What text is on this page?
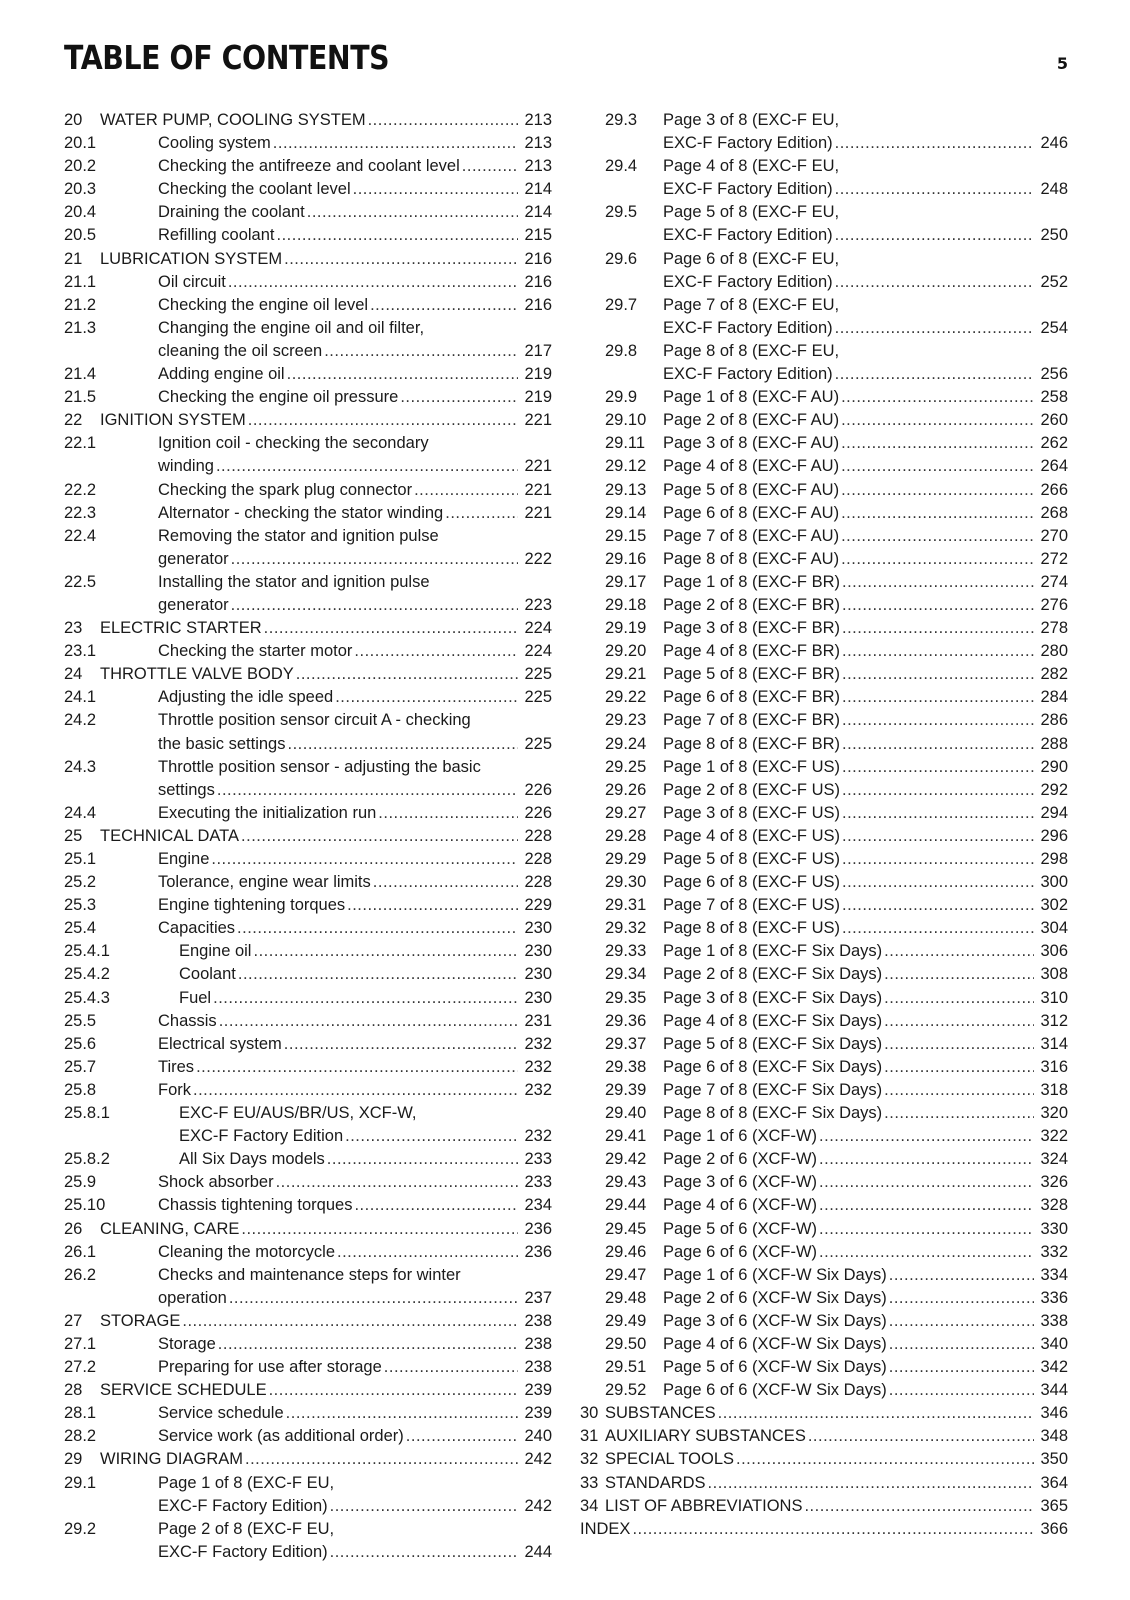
TABLE OF CONTENTS	5
20 WATER PUMP, COOLING SYSTEM .....	213
20.1	Cooling system .....	213
20.2	Checking the antifreeze and coolant level .....	213
20.3	Checking the coolant level .....	214
20.4	Draining the coolant .....	214
20.5	Refilling coolant .....	215
21 LUBRICATION SYSTEM .....	216
21.1	Oil circuit .....	216
21.2	Checking the engine oil level .....	216
21.3	Changing the engine oil and oil filter,
cleaning the oil screen .....	217
21.4	Adding engine oil .....	219
21.5	Checking the engine oil pressure .....	219
22 IGNITION SYSTEM .....	221
22.1	Ignition coil - checking the secondary
winding .....	221
22.2	Checking the spark plug connector .....	221
22.3	Alternator - checking the stator winding .....	221
22.4	Removing the stator and ignition pulse
generator .....	222
22.5	Installing the stator and ignition pulse
generator .....	223
23 ELECTRIC STARTER .....	224
23.1	Checking the starter motor .....	224
24 THROTTLE VALVE BODY .....	225
24.1	Adjusting the idle speed .....	225
24.2	Throttle position sensor circuit A - checking
the basic settings .....	225
24.3	Throttle position sensor - adjusting the basic
settings .....	226
24.4	Executing the initialization run .....	226
25 TECHNICAL DATA .....	228
25.1	Engine .....	228
25.2	Tolerance, engine wear limits .....	228
25.3	Engine tightening torques .....	229
25.4	Capacities .....	230
25.4.1	Engine oil .....	230
25.4.2	Coolant .....	230
25.4.3	Fuel .....	230
25.5	Chassis .....	231
25.6	Electrical system .....	232
25.7	Tires .....	232
25.8	Fork .....	232
25.8.1	EXC-F EU/AUS/BR/US, XCF-W,
EXC-F Factory Edition .....	232
25.8.2	All Six Days models .....	233
25.9	Shock absorber .....	233
25.10	Chassis tightening torques .....	234
26 CLEANING, CARE .....	236
26.1	Cleaning the motorcycle .....	236
26.2	Checks and maintenance steps for winter
operation .....	237
27 STORAGE .....	238
27.1	Storage .....	238
27.2	Preparing for use after storage .....	238
28 SERVICE SCHEDULE .....	239
28.1	Service schedule .....	239
28.2	Service work (as additional order) .....	240
29 WIRING DIAGRAM .....	242
29.1	Page 1 of 8 (EXC-F EU,
EXC-F Factory Edition) .....	242
29.2	Page 2 of 8 (EXC-F EU,
EXC-F Factory Edition) .....	244
29.3	Page 3 of 8 (EXC-F EU,
EXC-F Factory Edition) .....	246
29.4	Page 4 of 8 (EXC-F EU,
EXC-F Factory Edition) .....	248
29.5	Page 5 of 8 (EXC-F EU,
EXC-F Factory Edition) .....	250
29.6	Page 6 of 8 (EXC-F EU,
EXC-F Factory Edition) .....	252
29.7	Page 7 of 8 (EXC-F EU,
EXC-F Factory Edition) .....	254
29.8	Page 8 of 8 (EXC-F EU,
EXC-F Factory Edition) .....	256
29.9 Page 1 of 8 (EXC-F AU) .....	258
29.10 Page 2 of 8 (EXC-F AU) .....	260
29.11 Page 3 of 8 (EXC-F AU) .....	262
29.12 Page 4 of 8 (EXC-F AU) .....	264
29.13 Page 5 of 8 (EXC-F AU) .....	266
29.14 Page 6 of 8 (EXC-F AU) .....	268
29.15 Page 7 of 8 (EXC-F AU) .....	270
29.16 Page 8 of 8 (EXC-F AU) .....	272
29.17 Page 1 of 8 (EXC-F BR) .....	274
29.18 Page 2 of 8 (EXC-F BR) .....	276
29.19 Page 3 of 8 (EXC-F BR) .....	278
29.20 Page 4 of 8 (EXC-F BR) .....	280
29.21 Page 5 of 8 (EXC-F BR) .....	282
29.22 Page 6 of 8 (EXC-F BR) .....	284
29.23 Page 7 of 8 (EXC-F BR) .....	286
29.24 Page 8 of 8 (EXC-F BR) .....	288
29.25 Page 1 of 8 (EXC-F US) .....	290
29.26 Page 2 of 8 (EXC-F US) .....	292
29.27 Page 3 of 8 (EXC-F US) .....	294
29.28 Page 4 of 8 (EXC-F US) .....	296
29.29 Page 5 of 8 (EXC-F US) .....	298
29.30 Page 6 of 8 (EXC-F US) .....	300
29.31 Page 7 of 8 (EXC-F US) .....	302
29.32 Page 8 of 8 (EXC-F US) .....	304
29.33 Page 1 of 8 (EXC-F Six Days) .....	306
29.34 Page 2 of 8 (EXC-F Six Days) .....	308
29.35 Page 3 of 8 (EXC-F Six Days) .....	310
29.36 Page 4 of 8 (EXC-F Six Days) .....	312
29.37 Page 5 of 8 (EXC-F Six Days) .....	314
29.38 Page 6 of 8 (EXC-F Six Days) .....	316
29.39 Page 7 of 8 (EXC-F Six Days) .....	318
29.40 Page 8 of 8 (EXC-F Six Days) .....	320
29.41 Page 1 of 6 (XCF-W) .....	322
29.42 Page 2 of 6 (XCF-W) .....	324
29.43 Page 3 of 6 (XCF-W) .....	326
29.44 Page 4 of 6 (XCF-W) .....	328
29.45 Page 5 of 6 (XCF-W) .....	330
29.46 Page 6 of 6 (XCF-W) .....	332
29.47 Page 1 of 6 (XCF-W Six Days) .....	334
29.48 Page 2 of 6 (XCF-W Six Days) .....	336
29.49 Page 3 of 6 (XCF-W Six Days) .....	338
29.50 Page 4 of 6 (XCF-W Six Days) .....	340
29.51 Page 5 of 6 (XCF-W Six Days) .....	342
29.52 Page 6 of 6 (XCF-W Six Days) .....	344
30 SUBSTANCES .....	346
31 AUXILIARY SUBSTANCES .....	348
32 SPECIAL TOOLS .....	350
33 STANDARDS .....	364
34 LIST OF ABBREVIATIONS .....	365
INDEX .....	366
